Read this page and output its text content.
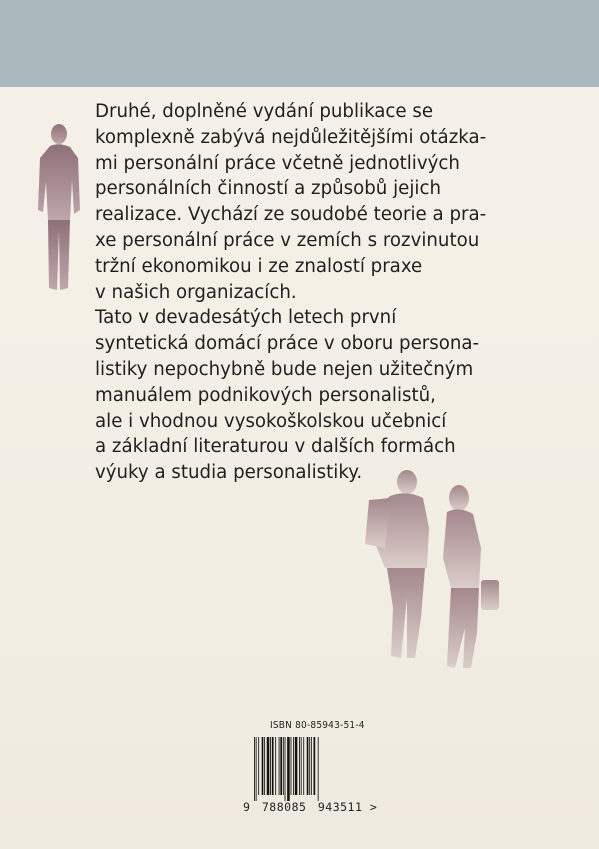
Druhé, doplněné vydání publikace se

komplexně zabývá nejdůležitějšími otázka-

mi personální práce včetně jednotlivých

personálních činností a způsobů jejich

realizace. Vychází ze soudobé teorie a pra-

xe personální práce v zemích s rozvinutou

tržní ekonomikou i ze znalostí praxe

v našich organizacích.

Tato v devadesátých letech první

syntetická domácí práce v oboru persona-

listiky nepochybně bude nejen užitečným

manuálem podnikových personalistů,

ale i vhodnou vysokoškolskou učebnicí

a základní literaturou v dalších formách

výuky a studia personalistiky.

ISBN 80-85943-51-4
9 788085 943511 >
